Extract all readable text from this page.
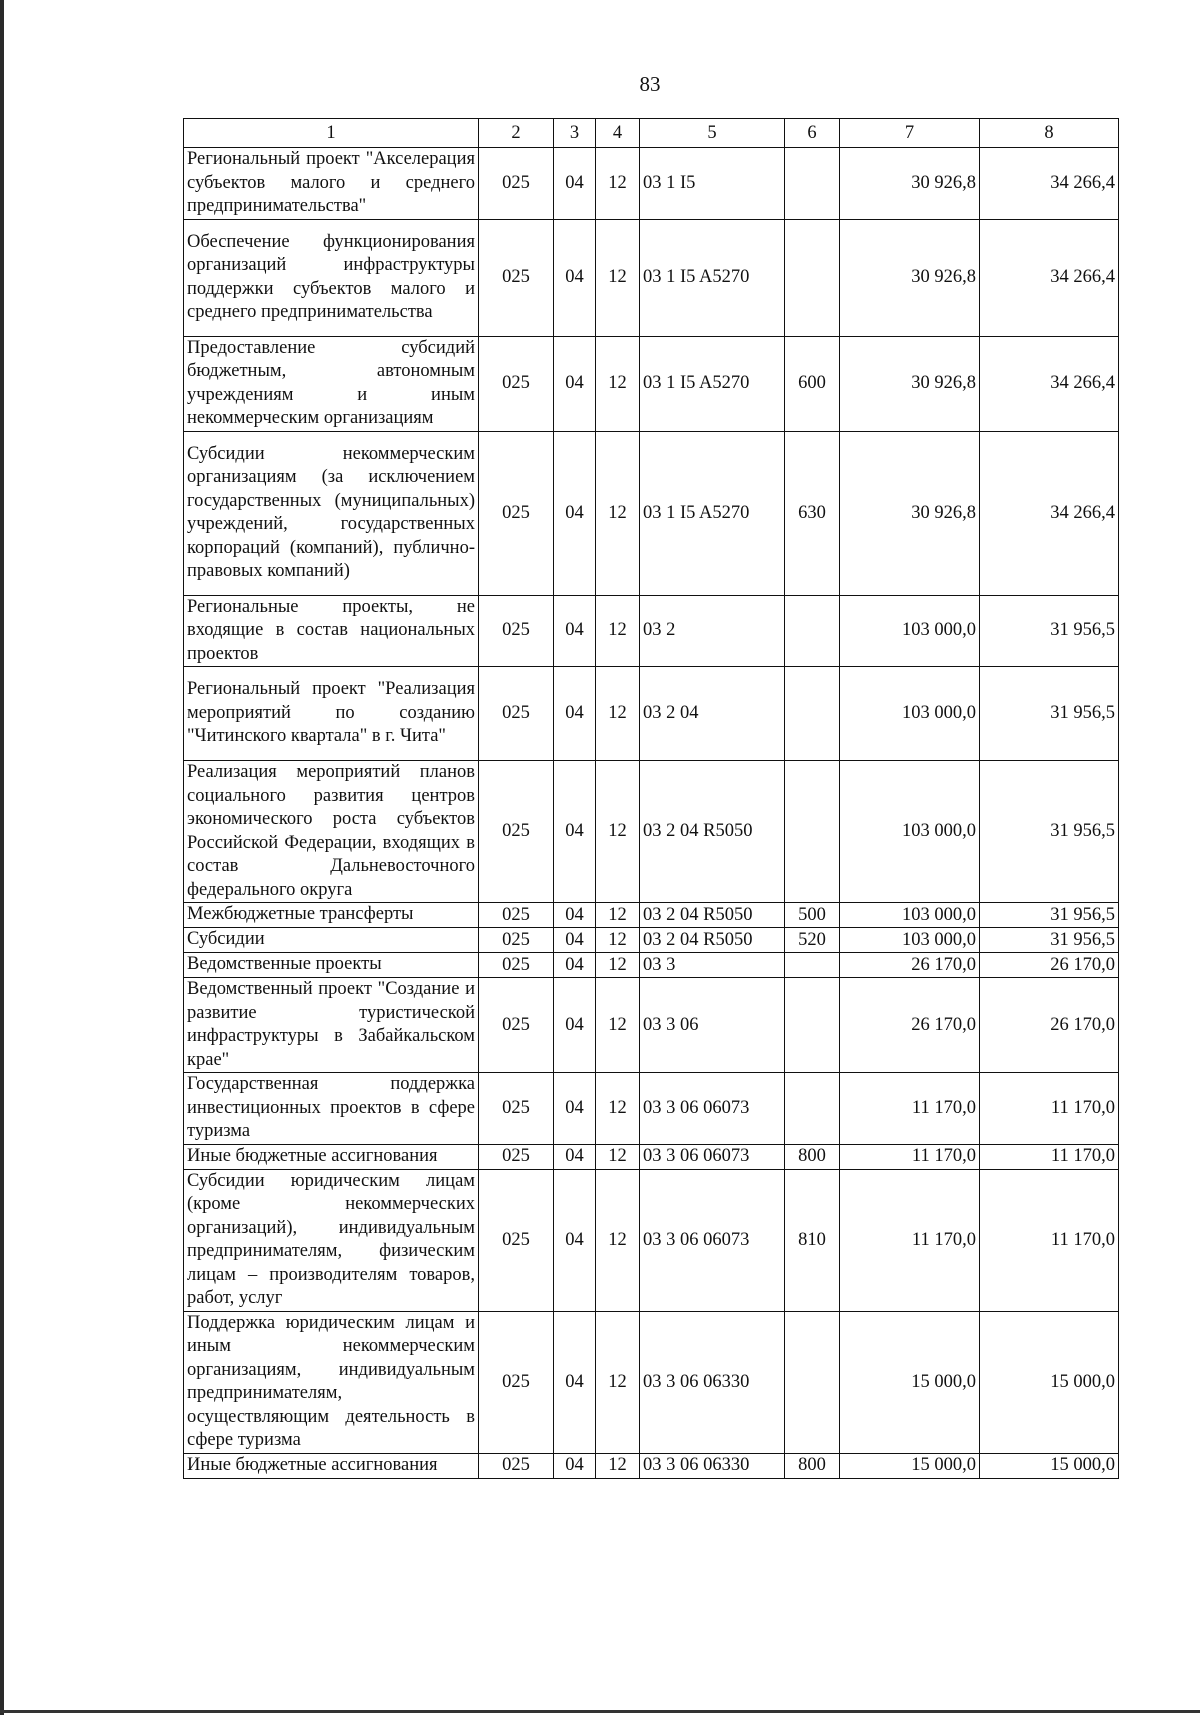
83
1	2	3	4	5	6	7	8
Региональный проект "Акселерация субъектов малого и среднего предпринимательства"	025	04	12	03 1 I5		30 926,8	34 266,4
Обеспечение функционирования организаций инфраструктуры поддержки субъектов малого и среднего предпринимательства	025	04	12	03 1 I5 A5270		30 926,8	34 266,4
Предоставление субсидий бюджетным, автономным учреждениям и иным некоммерческим организациям	025	04	12	03 1 I5 A5270	600	30 926,8	34 266,4
Субсидии некоммерческим организациям (за исключением государственных (муниципальных) учреждений, государственных корпораций (компаний), публично-правовых компаний)	025	04	12	03 1 I5 A5270	630	30 926,8	34 266,4
Региональные проекты, не входящие в состав национальных проектов	025	04	12	03 2		103 000,0	31 956,5
Региональный проект "Реализация мероприятий по созданию "Читинского квартала" в г. Чита"	025	04	12	03 2 04		103 000,0	31 956,5
Реализация мероприятий планов социального развития центров экономического роста субъектов Российской Федерации, входящих в состав Дальневосточного федерального округа	025	04	12	03 2 04 R5050		103 000,0	31 956,5
Межбюджетные трансферты	025	04	12	03 2 04 R5050	500	103 000,0	31 956,5
Субсидии	025	04	12	03 2 04 R5050	520	103 000,0	31 956,5
Ведомственные проекты	025	04	12	03 3		26 170,0	26 170,0
Ведомственный проект "Создание и развитие туристической инфраструктуры в Забайкальском крае"	025	04	12	03 3 06		26 170,0	26 170,0
Государственная поддержка инвестиционных проектов в сфере туризма	025	04	12	03 3 06 06073		11 170,0	11 170,0
Иные бюджетные ассигнования	025	04	12	03 3 06 06073	800	11 170,0	11 170,0
Субсидии юридическим лицам (кроме некоммерческих организаций), индивидуальным предпринимателям, физическим лицам – производителям товаров, работ, услуг	025	04	12	03 3 06 06073	810	11 170,0	11 170,0
Поддержка юридическим лицам и иным некоммерческим организациям, индивидуальным предпринимателям, осуществляющим деятельность в сфере туризма	025	04	12	03 3 06 06330		15 000,0	15 000,0
Иные бюджетные ассигнования	025	04	12	03 3 06 06330	800	15 000,0	15 000,0
